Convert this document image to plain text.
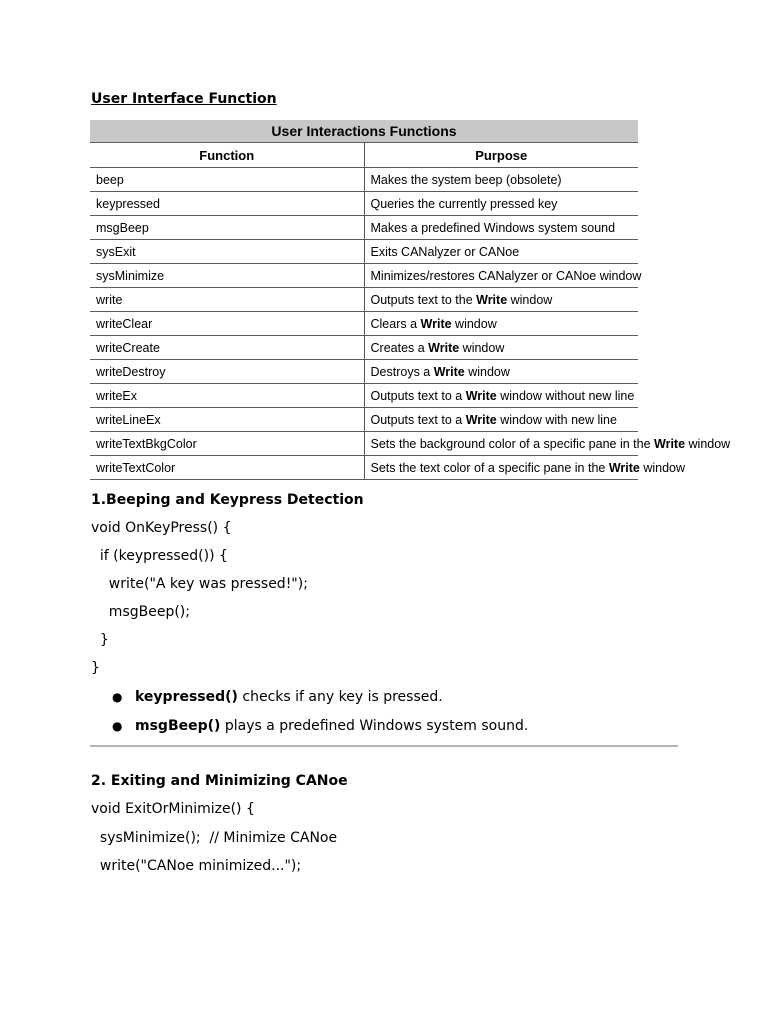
User Interface Function
User Interactions Functions	
Function	Purpose
beep	Makes the system beep (obsolete)
keypressed	Queries the currently pressed key
msgBeep	Makes a predefined Windows system sound
sysExit	Exits CANalyzer or CANoe
sysMinimize	Minimizes/restores CANalyzer or CANoe window
write	Outputs text to the Write window
writeClear	Clears a Write window
writeCreate	Creates a Write window
writeDestroy	Destroys a Write window
writeEx	Outputs text to a Write window without new line
writeLineEx	Outputs text to a Write window with new line
writeTextBkgColor	Sets the background color of a specific pane in the Write window
writeTextColor	Sets the text color of a specific pane in the Write window
1.Beeping and Keypress Detection
void OnKeyPress() {
if (keypressed()) {
write("A key was pressed!");
msgBeep();
}
}
● keypressed() checks if any key is pressed.
● msgBeep() plays a predefined Windows system sound.
2. Exiting and Minimizing CANoe
void ExitOrMinimize() {
sysMinimize();  // Minimize CANoe
write("CANoe minimized...");
